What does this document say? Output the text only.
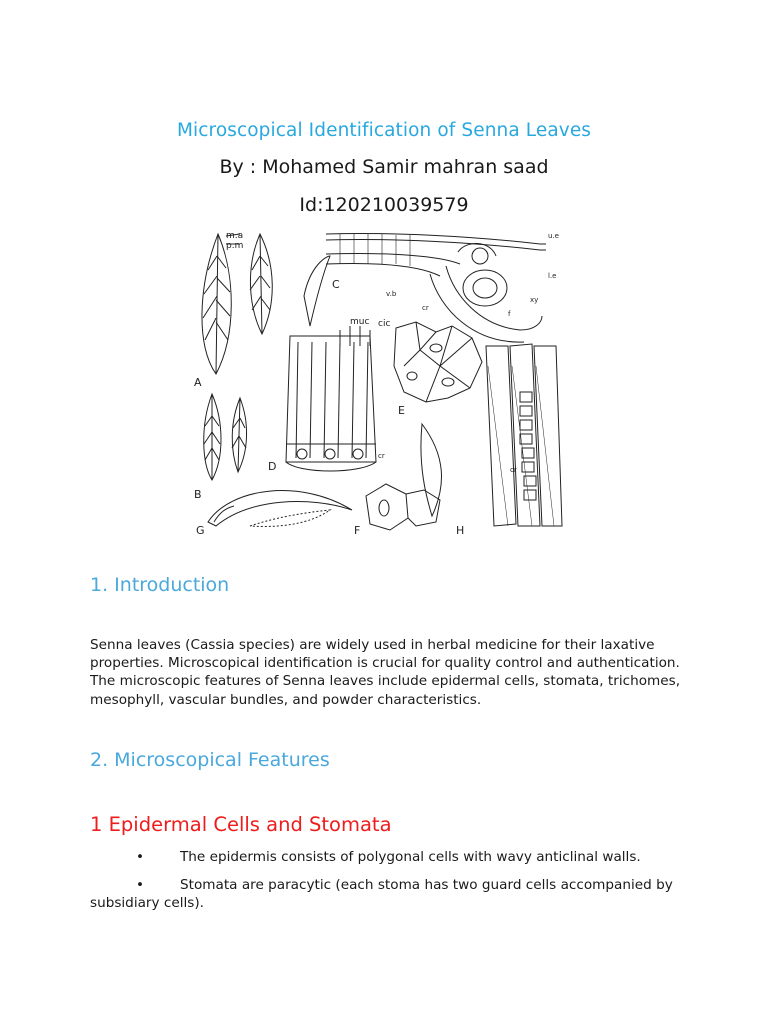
Microscopical Identification of Senna Leaves
By : Mohamed Samir mahran saad
Id:120210039579
m.a
p.m
C
A
B
D
E
F
G	H
muc cic
u.e
l.e
v.b
cr
cr
cr
xy
f
1. Introduction
Senna leaves (Cassia species) are widely used in herbal medicine for their laxative properties. Microscopical identification is crucial for quality control and authentication. The microscopic features of Senna leaves include epidermal cells, stomata, trichomes, mesophyll, vascular bundles, and powder characteristics.
2. Microscopical Features
1 Epidermal Cells and Stomata
•	The epidermis consists of polygonal cells with wavy anticlinal walls.
•	Stomata are paracytic (each stoma has two guard cells accompanied by subsidiary cells).
